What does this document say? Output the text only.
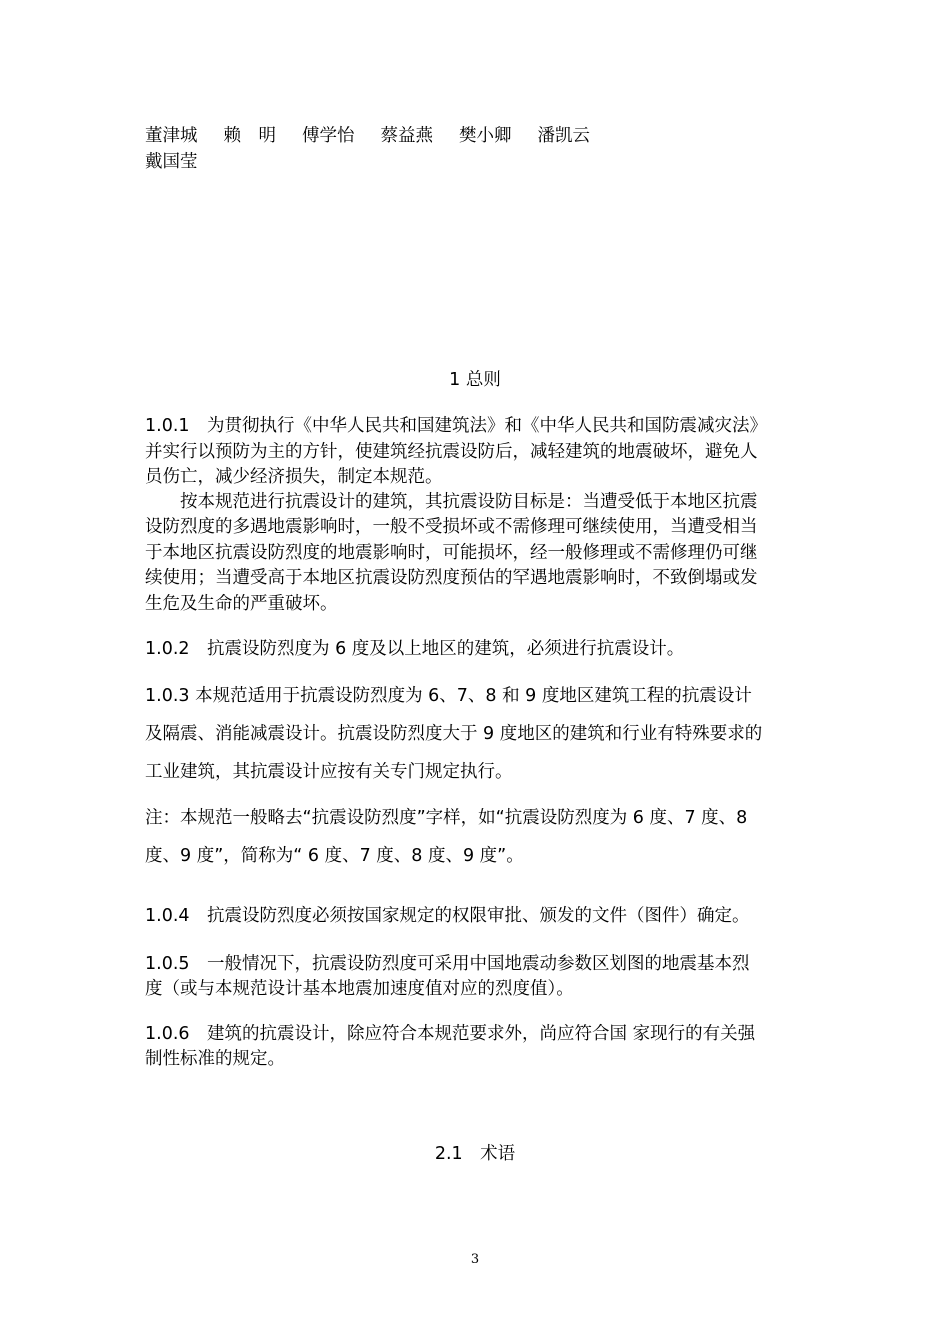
董津城 赖　明 傅学怡 蔡益燕 樊小卿 潘凯云
戴国莹
1 总则
1.0.1　为贯彻执行《中华人民共和国建筑法》和《中华人民共和国防震减灾法》
并实行以预防为主的方针，使建筑经抗震设防后，减轻建筑的地震破坏，避免人
员伤亡，减少经济损失，制定本规范。
　　按本规范进行抗震设计的建筑，其抗震设防目标是：当遭受低于本地区抗震
设防烈度的多遇地震影响时，一般不受损坏或不需修理可继续使用，当遭受相当
于本地区抗震设防烈度的地震影响时，可能损坏，经一般修理或不需修理仍可继
续使用；当遭受高于本地区抗震设防烈度预估的罕遇地震影响时，不致倒塌或发
生危及生命的严重破坏。
1.0.2　抗震设防烈度为 6 度及以上地区的建筑，必须进行抗震设计。
1.0.3 本规范适用于抗震设防烈度为 6、7、8 和 9 度地区建筑工程的抗震设计
及隔震、消能减震设计。抗震设防烈度大于 9 度地区的建筑和行业有特殊要求的
工业建筑，其抗震设计应按有关专门规定执行。
注：本规范一般略去“抗震设防烈度”字样，如“抗震设防烈度为 6 度、7 度、8
度、9 度”，简称为“ 6 度、7 度、8 度、9 度”。
1.0.4　抗震设防烈度必须按国家规定的权限审批、颁发的文件（图件）确定。
1.0.5　一般情况下，抗震设防烈度可采用中国地震动参数区划图的地震基本烈
度（或与本规范设计基本地震加速度值对应的烈度值）。
1.0.6　建筑的抗震设计，除应符合本规范要求外，尚应符合国 家现行的有关强
制性标准的规定。
2.1　术语
3
